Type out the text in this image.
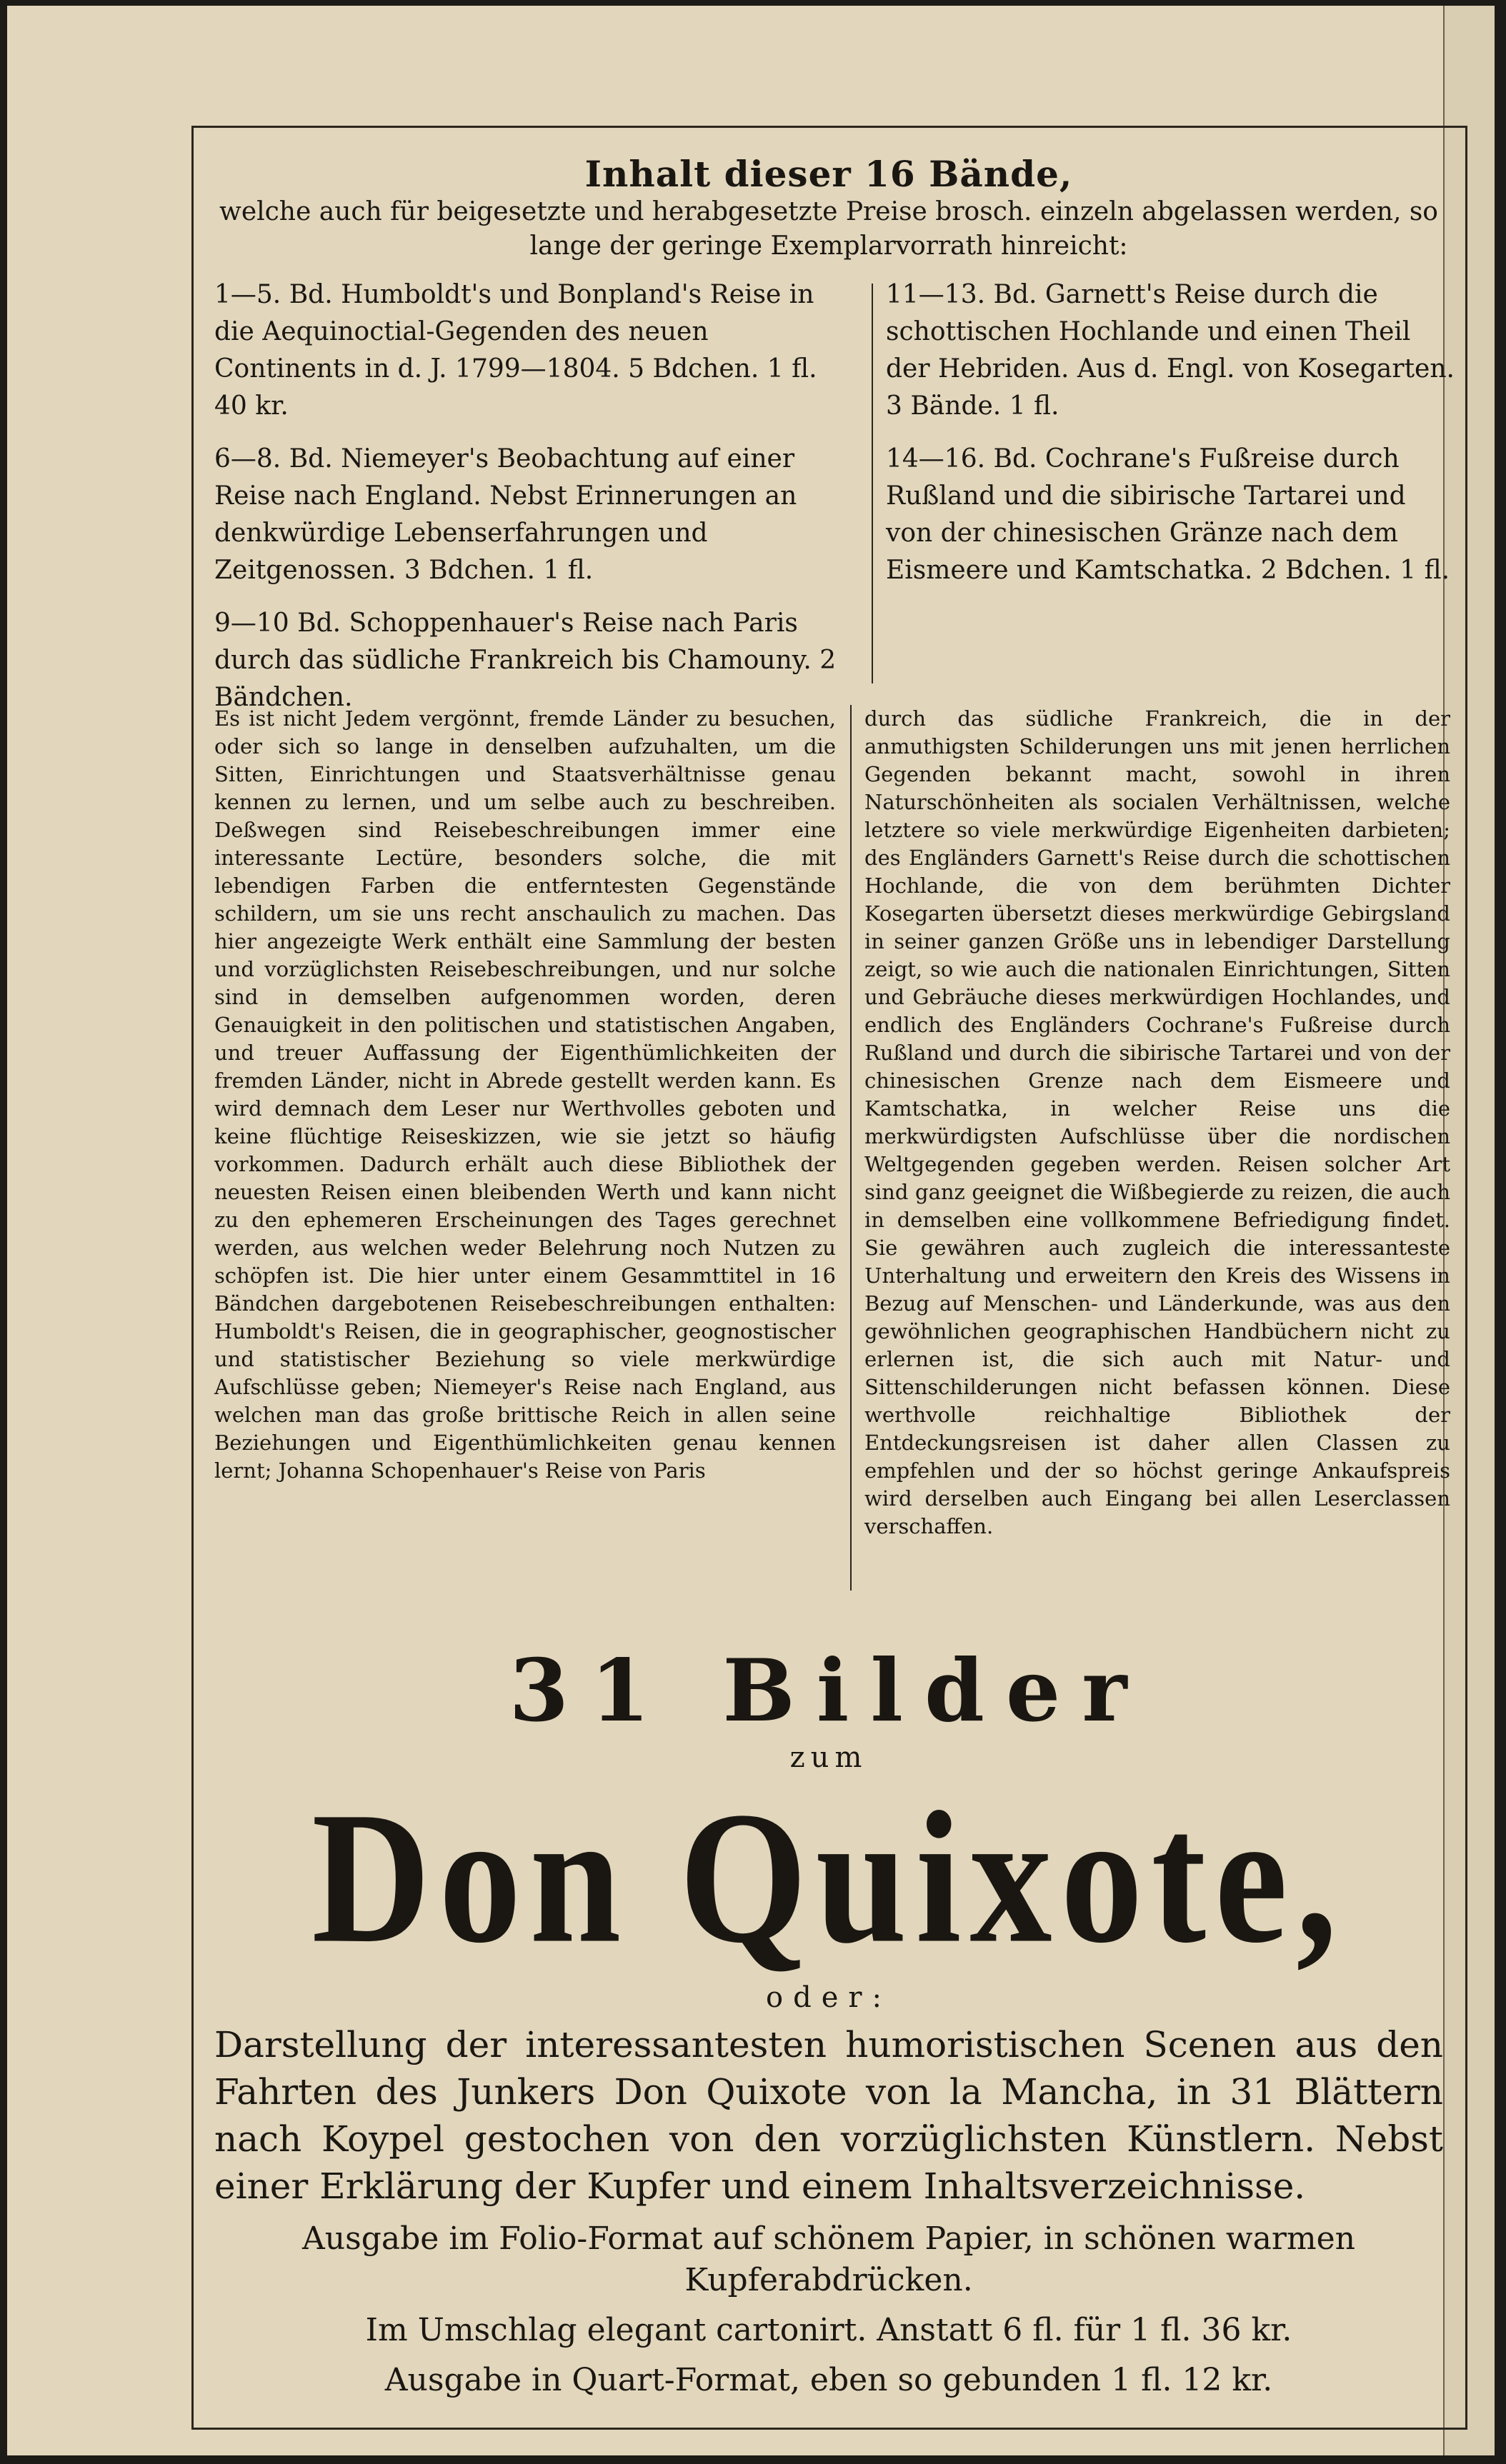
Inhalt dieser 16 Bände,
welche auch für beigesetzte und herabgesetzte Preise brosch. einzeln abgelassen werden, so lange der geringe Exemplarvorrath hinreicht:
1—5. Bd. Humboldt's und Bonpland's Reise in die Aequinoctial-Gegenden des neuen Continents in d. J. 1799—1804. 5 Bdchen. 1 fl. 40 kr.
6—8. Bd. Niemeyer's Beobachtung auf einer Reise nach England. Nebst Erinnerungen an denkwürdige Lebenserfahrungen und Zeitgenossen. 3 Bdchen. 1 fl.
9—10 Bd. Schoppenhauer's Reise nach Paris durch das südliche Frankreich bis Chamouny. 2 Bändchen.
11—13. Bd. Garnett's Reise durch die schottischen Hochlande und einen Theil der Hebriden. Aus d. Engl. von Kosegarten. 3 Bände. 1 fl.
14—16. Bd. Cochrane's Fußreise durch Rußland und die sibirische Tartarei und von der chinesischen Gränze nach dem Eismeere und Kamtschatka. 2 Bdchen. 1 fl.
Es ist nicht Jedem vergönnt, fremde Länder zu besuchen, oder sich so lange in denselben aufzuhalten, um die Sitten, Einrichtungen und Staatsverhältnisse genau kennen zu lernen, und um selbe auch zu beschreiben. Deßwegen sind Reisebeschreibungen immer eine interessante Lectüre, besonders solche, die mit lebendigen Farben die entferntesten Gegenstände schildern, um sie uns recht anschaulich zu machen. Das hier angezeigte Werk enthält eine Sammlung der besten und vorzüglichsten Reisebeschreibungen, und nur solche sind in demselben aufgenommen worden, deren Genauigkeit in den politischen und statistischen Angaben, und treuer Auffassung der Eigenthümlichkeiten der fremden Länder, nicht in Abrede gestellt werden kann. Es wird demnach dem Leser nur Werthvolles geboten und keine flüchtige Reiseskizzen, wie sie jetzt so häufig vorkommen. Dadurch erhält auch diese Bibliothek der neuesten Reisen einen bleibenden Werth und kann nicht zu den ephemeren Erscheinungen des Tages gerechnet werden, aus welchen weder Belehrung noch Nutzen zu schöpfen ist. Die hier unter einem Gesammttitel in 16 Bändchen dargebotenen Reisebeschreibungen enthalten: Humboldt's Reisen, die in geographischer, geognostischer und statistischer Beziehung so viele merkwürdige Aufschlüsse geben; Niemeyer's Reise nach England, aus welchen man das große brittische Reich in allen seine Beziehungen und Eigenthümlichkeiten genau kennen lernt; Johanna Schopenhauer's Reise von Paris
durch das südliche Frankreich, die in der anmuthigsten Schilderungen uns mit jenen herrlichen Gegenden bekannt macht, sowohl in ihren Naturschönheiten als socialen Verhältnissen, welche letztere so viele merkwürdige Eigenheiten darbieten; des Engländers Garnett's Reise durch die schottischen Hochlande, die von dem berühmten Dichter Kosegarten übersetzt dieses merkwürdige Gebirgsland in seiner ganzen Größe uns in lebendiger Darstellung zeigt, so wie auch die nationalen Einrichtungen, Sitten und Gebräuche dieses merkwürdigen Hochlandes, und endlich des Engländers Cochrane's Fußreise durch Rußland und durch die sibirische Tartarei und von der chinesischen Grenze nach dem Eismeere und Kamtschatka, in welcher Reise uns die merkwürdigsten Aufschlüsse über die nordischen Weltgegenden gegeben werden. Reisen solcher Art sind ganz geeignet die Wißbegierde zu reizen, die auch in demselben eine vollkommene Befriedigung findet. Sie gewähren auch zugleich die interessanteste Unterhaltung und erweitern den Kreis des Wissens in Bezug auf Menschen- und Länderkunde, was aus den gewöhnlichen geographischen Handbüchern nicht zu erlernen ist, die sich auch mit Natur- und Sittenschilderungen nicht befassen können. Diese werthvolle reichhaltige Bibliothek der Entdeckungsreisen ist daher allen Classen zu empfehlen und der so höchst geringe Ankaufspreis wird derselben auch Eingang bei allen Leserclassen verschaffen.
31 Bilder
zum
Don Quixote,
oder:
Darstellung der interessantesten humoristischen Scenen aus den Fahrten des Junkers Don Quixote von la Mancha, in 31 Blättern nach Koypel gestochen von den vorzüglichsten Künstlern. Nebst einer Erklärung der Kupfer und einem Inhaltsverzeichnisse.
Ausgabe im Folio-Format auf schönem Papier, in schönen warmen Kupferabdrücken.
Im Umschlag elegant cartonirt. Anstatt 6 fl. für 1 fl. 36 kr.
Ausgabe in Quart-Format, eben so gebunden 1 fl. 12 kr.
